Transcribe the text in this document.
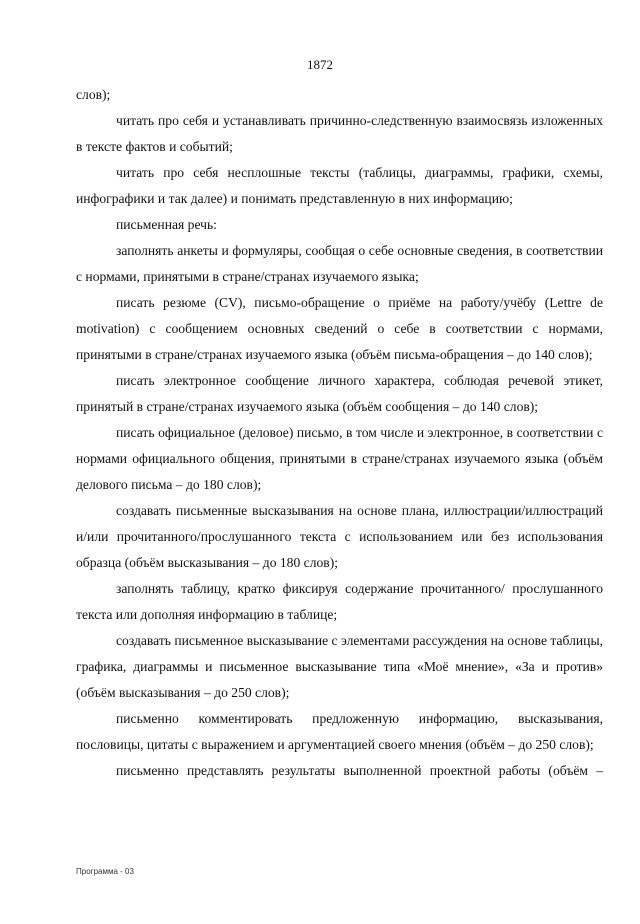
1872

слов);

читать про себя и устанавливать причинно-следственную взаимосвязь изложенных в тексте фактов и событий;

читать про себя несплошные тексты (таблицы, диаграммы, графики, схемы, инфографики и так далее) и понимать представленную в них информацию;

письменная речь:

заполнять анкеты и формуляры, сообщая о себе основные сведения, в соответствии с нормами, принятыми в стране/странах изучаемого языка;

писать резюме (CV), письмо-обращение о приёме на работу/учёбу (Lettre de motivation) с сообщением основных сведений о себе в соответствии с нормами, принятыми в стране/странах изучаемого языка (объём письма-обращения – до 140 слов);

писать электронное сообщение личного характера, соблюдая речевой этикет, принятый в стране/странах изучаемого языка (объём сообщения – до 140 слов);

писать официальное (деловое) письмо, в том числе и электронное, в соответствии с нормами официального общения, принятыми в стране/странах изучаемого языка (объём делового письма – до 180 слов);

создавать письменные высказывания на основе плана, иллюстрации/иллюстраций и/или прочитанного/прослушанного текста с использованием или без использования образца (объём высказывания – до 180 слов);

заполнять таблицу, кратко фиксируя содержание прочитанного/ прослушанного текста или дополняя информацию в таблице;

создавать письменное высказывание с элементами рассуждения на основе таблицы, графика, диаграммы и письменное высказывание типа «Моё мнение», «За и против» (объём высказывания – до 250 слов);

письменно комментировать предложенную информацию, высказывания, пословицы, цитаты с выражением и аргументацией своего мнения (объём – до 250 слов);

письменно представлять результаты выполненной проектной работы (объём –

Программа - 03
